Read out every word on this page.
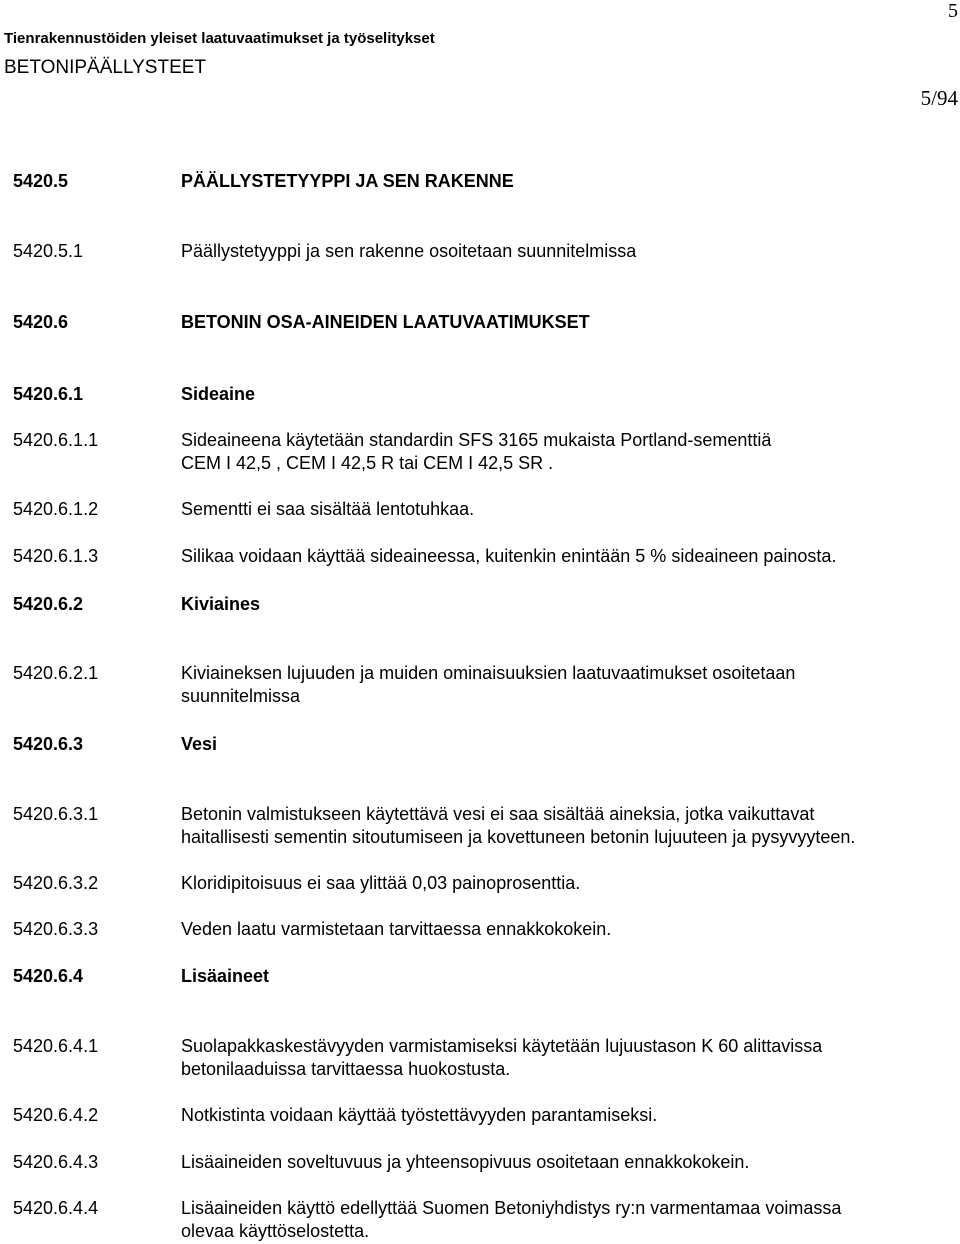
5
Tienrakennustöiden yleiset laatuvaatimukset ja työselitykset
BETONIPÄÄLLYSTEET
5/94
5420.5	PÄÄLLYSTETYYPPI JA SEN RAKENNE
5420.5.1	Päällystetyyppi ja sen rakenne osoitetaan suunnitelmissa
5420.6	BETONIN OSA-AINEIDEN LAATUVAATIMUKSET
5420.6.1	Sideaine
5420.6.1.1	Sideaineena käytetään standardin SFS 3165 mukaista Portland-sementtiä
CEM I 42,5 , CEM I 42,5 R tai CEM I 42,5 SR .
5420.6.1.2	Sementti ei saa sisältää lentotuhkaa.
5420.6.1.3	Silikaa voidaan käyttää sideaineessa, kuitenkin enintään 5 % sideaineen painosta.
5420.6.2	Kiviaines
5420.6.2.1	Kiviaineksen lujuuden ja muiden ominaisuuksien laatuvaatimukset osoitetaan
suunnitelmissa
5420.6.3	Vesi
5420.6.3.1	Betonin valmistukseen käytettävä vesi ei saa sisältää aineksia, jotka vaikuttavat
haitallisesti sementin sitoutumiseen ja kovettuneen betonin lujuuteen ja pysyvyyteen.
5420.6.3.2	Kloridipitoisuus ei saa ylittää 0,03 painoprosenttia.
5420.6.3.3	Veden laatu varmistetaan tarvittaessa ennakkokokein.
5420.6.4	Lisäaineet
5420.6.4.1	Suolapakkaskestävyyden varmistamiseksi käytetään lujuustason K 60 alittavissa
betonilaaduissa tarvittaessa huokostusta.
5420.6.4.2	Notkistinta voidaan käyttää työstettävyyden parantamiseksi.
5420.6.4.3	Lisäaineiden soveltuvuus ja yhteensopivuus osoitetaan ennakkokokein.
5420.6.4.4	Lisäaineiden käyttö edellyttää Suomen Betoniyhdistys ry:n varmentamaa voimassa
olevaa käyttöselostetta.
